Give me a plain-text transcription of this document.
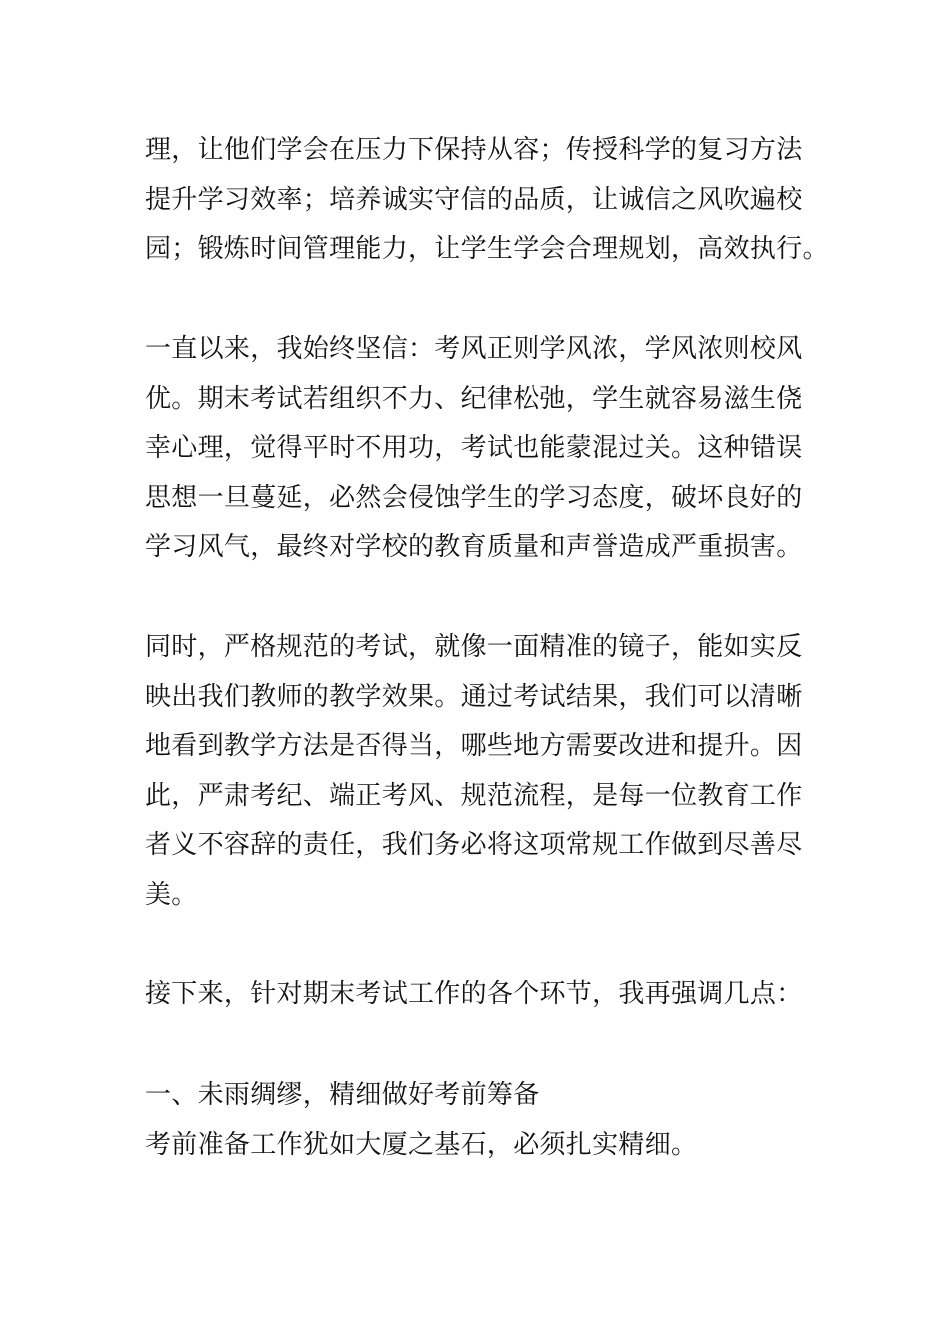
理，让他们学会在压力下保持从容；传授科学的复习方法
提升学习效率；培养诚实守信的品质，让诚信之风吹遍校
园；锻炼时间管理能力，让学生学会合理规划，高效执行。

一直以来，我始终坚信：考风正则学风浓，学风浓则校风
优。期末考试若组织不力、纪律松弛，学生就容易滋生侥
幸心理，觉得平时不用功，考试也能蒙混过关。这种错误
思想一旦蔓延，必然会侵蚀学生的学习态度，破坏良好的
学习风气，最终对学校的教育质量和声誉造成严重损害。

同时，严格规范的考试，就像一面精准的镜子，能如实反
映出我们教师的教学效果。通过考试结果，我们可以清晰
地看到教学方法是否得当，哪些地方需要改进和提升。因
此，严肃考纪、端正考风、规范流程，是每一位教育工作
者义不容辞的责任，我们务必将这项常规工作做到尽善尽
美。

接下来，针对期末考试工作的各个环节，我再强调几点：

一、未雨绸缪，精细做好考前筹备
考前准备工作犹如大厦之基石，必须扎实精细。
